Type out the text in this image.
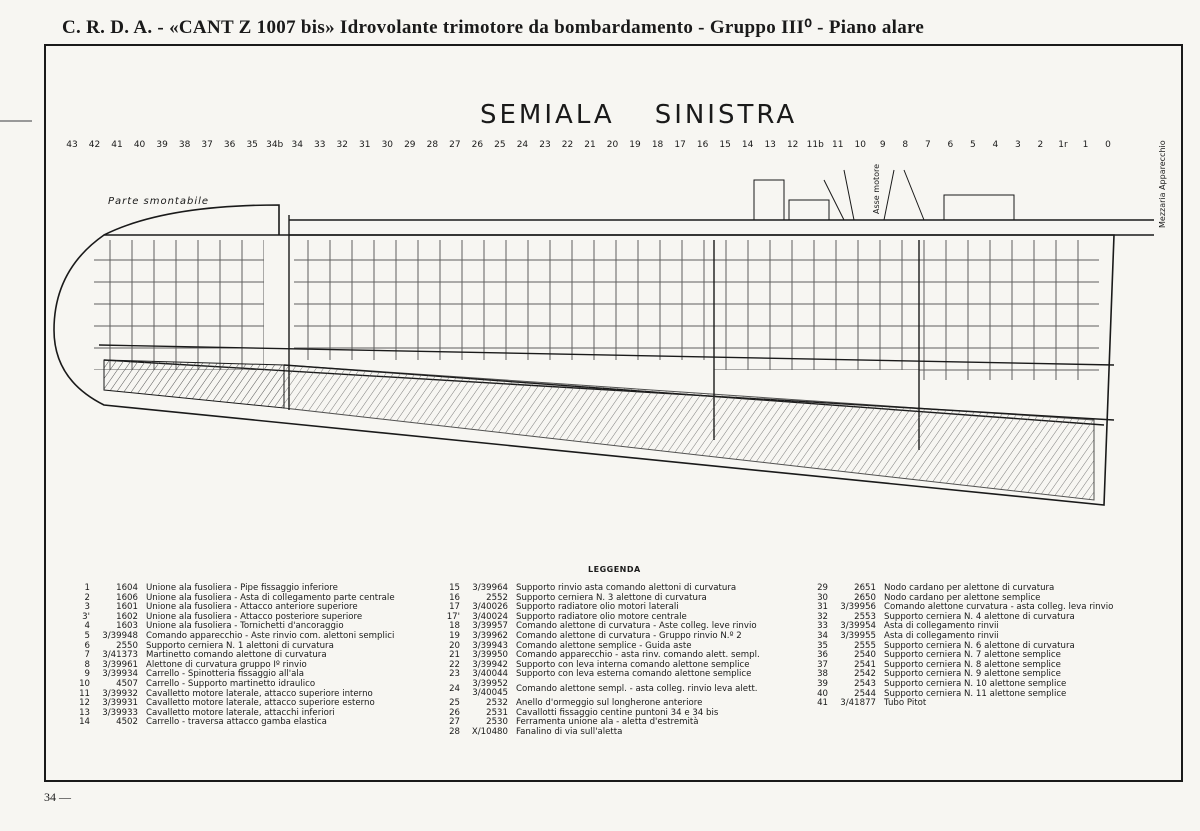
C. R. D. A. - «CANT Z 1007 bis» Idrovolante trimotore da bombardamento - Gruppo III⁰ - Piano alare
SEMIALA SINISTRA
43 42 41 40 39 38 37 36 35 34b 34 33 32 31 30 29 28 27 26 25 24 23 22 21 20 19 18 17 16 15 14 13 12 11b 11 10 9 8 7 6 5 4 3 2 1r 1 0
Parte smontabile	Asse motore	Mezzaria Apparecchio
LEGGENDA
1	1604 Unione ala fusoliera - Pipe fissaggio inferiore
2	1606 Unione ala fusoliera - Asta di collegamento parte centrale
3	1601 Unione ala fusoliera - Attacco anteriore superiore
3'	1602 Unione ala fusoliera - Attacco posteriore superiore
4	1603 Unione ala fusoliera - Tornichetti d'ancoraggio
5	3/39948 Comando apparecchio - Aste rinvio com. alettoni semplici
6	2550 Supporto cerniera N. 1 alettoni di curvatura
7	3/41373 Martinetto comando alettone di curvatura
8	3/39961 Alettone di curvatura gruppo Iº rinvio
9	3/39934 Carrello - Spinotteria fissaggio all'ala
10	4507 Carrello - Supporto martinetto idraulico
11	3/39932 Cavalletto motore laterale, attacco superiore interno
12	3/39931 Cavalletto motore laterale, attacco superiore esterno
13	3/39933 Cavalletto motore laterale, attacchi inferiori
14	4502 Carrello - traversa attacco gamba elastica
15	3/39964 Supporto rinvio asta comando alettoni di curvatura
16	2552 Supporto cerniera N. 3 alettone di curvatura
17	3/40026 Supporto radiatore olio motori laterali
17'	3/40024 Supporto radiatore olio motore centrale
18	3/39957 Comando alettone di curvatura - Aste colleg. leve rinvio
19	3/39962 Comando alettone di curvatura - Gruppo rinvio N.º 2
20	3/39943 Comando alettone semplice - Guida aste
21	3/39950 Comando apparecchio - asta rinv. comando alett. sempl.
22	3/39942 Supporto con leva interna comando alettone semplice
23	3/40044 Supporto con leva esterna comando alettone semplice
24	3/39952
3/40045 Comando alettone sempl. - asta colleg. rinvio leva alett.
25	2532 Anello d'ormeggio sul longherone anteriore
26	2531 Cavallotti fissaggio centine puntoni 34 e 34 bis
27	2530 Ferramenta unione ala - aletta d'estremità
28	X/10480 Fanalino di via sull'aletta
29	2651 Nodo cardano per alettone di curvatura
30	2650 Nodo cardano per alettone semplice
31	3/39956 Comando alettone curvatura - asta colleg. leva rinvio
32	2553 Supporto cerniera N. 4 alettone di curvatura
33	3/39954 Asta di collegamento rinvii
34	3/39955 Asta di collegamento rinvii
35	2555 Supporto cerniera N. 6 alettone di curvatura
36	2540 Supporto cerniera N. 7 alettone semplice
37	2541 Supporto cerniera N. 8 alettone semplice
38	2542 Supporto cerniera N. 9 alettone semplice
39	2543 Supporto cerniera N. 10 alettone semplice
40	2544 Supporto cerniera N. 11 alettone semplice
41	3/41877 Tubo Pitot
34 —
